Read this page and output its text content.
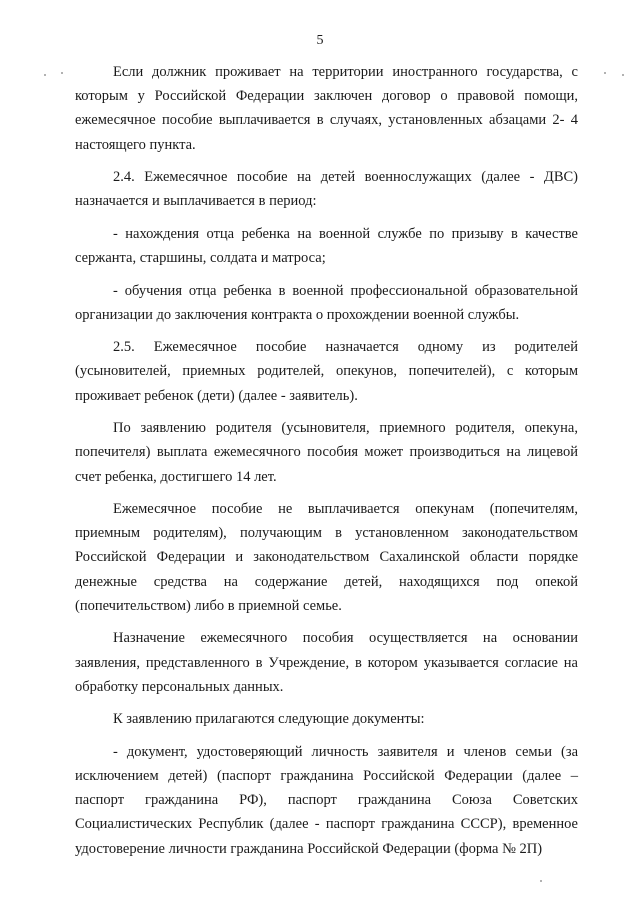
5

Если должник проживает на территории иностранного государства, с которым у Российской Федерации заключен договор о правовой помощи, ежемесячное пособие выплачивается в случаях, установленных абзацами 2- 4 настоящего пункта.

2.4. Ежемесячное пособие на детей военнослужащих (далее - ДВС) назначается и выплачивается в период:

- нахождения отца ребенка на военной службе по призыву в качестве сержанта, старшины, солдата и матроса;

- обучения отца ребенка в военной профессиональной образовательной организации до заключения контракта о прохождении военной службы.

2.5. Ежемесячное пособие назначается одному из родителей (усыновителей, приемных родителей, опекунов, попечителей), с которым проживает ребенок (дети) (далее - заявитель).

По заявлению родителя (усыновителя, приемного родителя, опекуна, попечителя) выплата ежемесячного пособия может производиться на лицевой счет ребенка, достигшего 14 лет.

Ежемесячное пособие не выплачивается опекунам (попечителям, приемным родителям), получающим в установленном законодательством Российской Федерации и законодательством Сахалинской области порядке денежные средства на содержание детей, находящихся под опекой (попечительством) либо в приемной семье.

Назначение ежемесячного пособия осуществляется на основании заявления, представленного в Учреждение, в котором указывается согласие на обработку персональных данных.

К заявлению прилагаются следующие документы:

- документ, удостоверяющий личность заявителя и членов семьи (за исключением детей) (паспорт гражданина Российской Федерации (далее – паспорт гражданина РФ), паспорт гражданина Союза Советских Социалистических Республик (далее - паспорт гражданина СССР), временное удостоверение личности гражданина Российской Федерации (форма № 2П)
